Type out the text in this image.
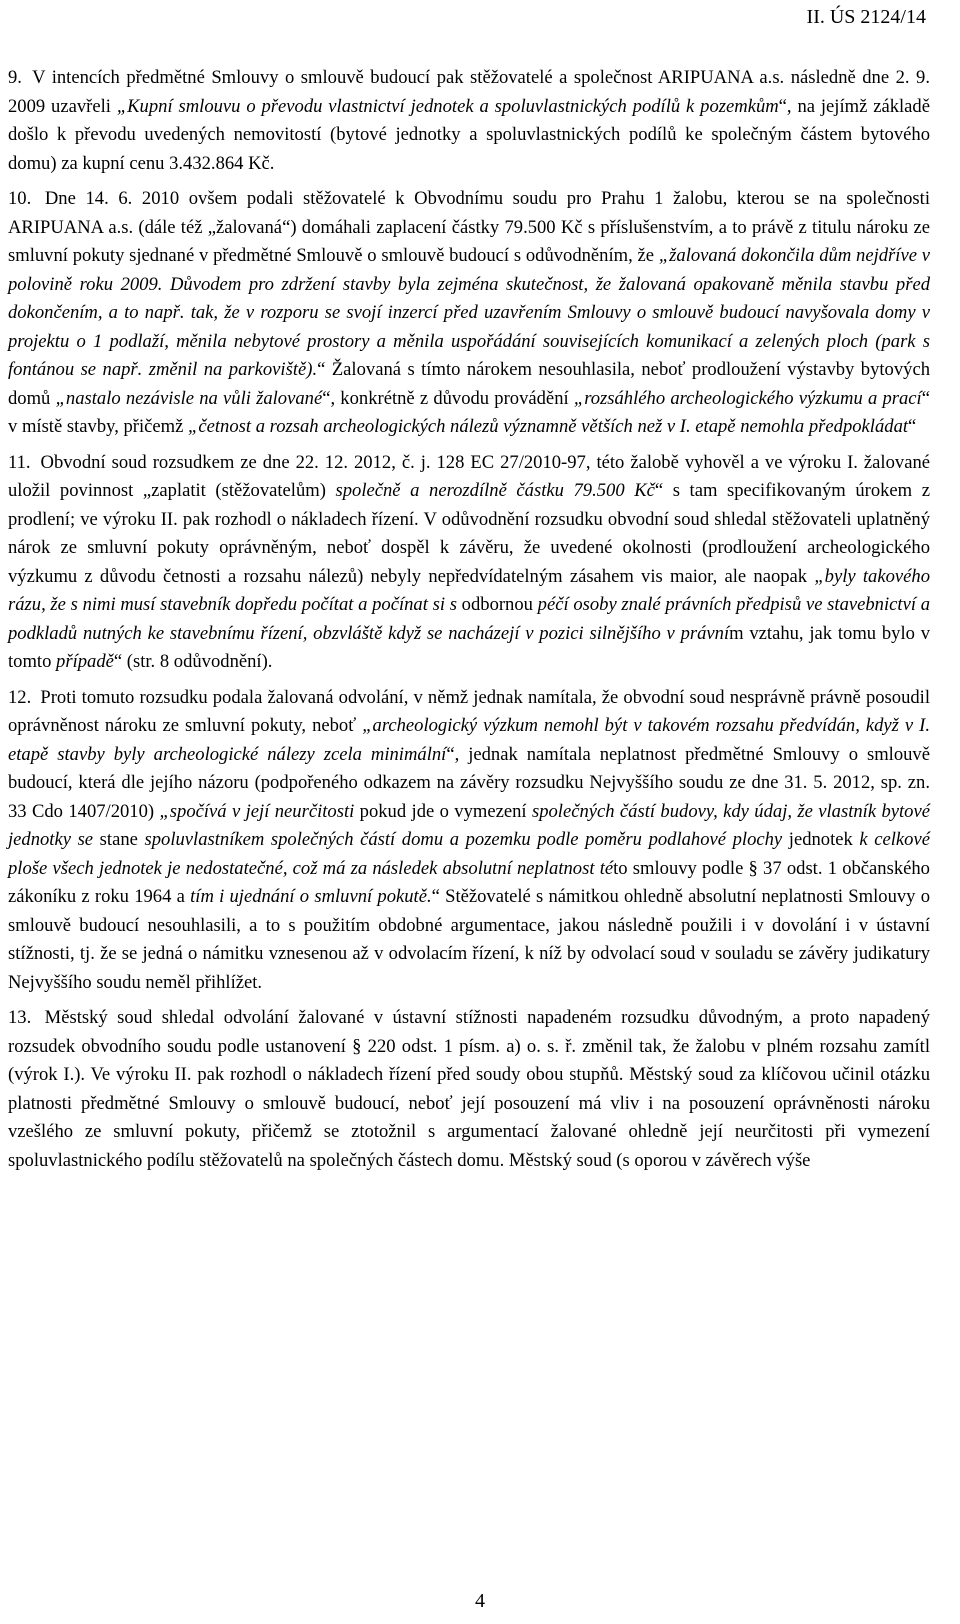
II. ÚS 2124/14

9. V intencích předmětné Smlouvy o smlouvě budoucí pak stěžovatelé a společnost ARIPUANA a.s. následně dne 2. 9. 2009 uzavřeli „Kupní smlouvu o převodu vlastnictví jednotek a spoluvlastnických podílů k pozemkům“, na jejímž základě došlo k převodu uvedených nemovitostí (bytové jednotky a spoluvlastnických podílů ke společným částem bytového domu) za kupní cenu 3.432.864 Kč.

10. Dne 14. 6. 2010 ovšem podali stěžovatelé k Obvodnímu soudu pro Prahu 1 žalobu, kterou se na společnosti ARIPUANA a.s. (dále též „žalovaná“) domáhali zaplacení částky 79.500 Kč s příslušenstvím, a to právě z titulu nároku ze smluvní pokuty sjednané v předmětné Smlouvě o smlouvě budoucí s odůvodněním, že „žalovaná dokončila dům nejdříve v polovině roku 2009. Důvodem pro zdržení stavby byla zejména skutečnost, že žalovaná opakovaně měnila stavbu před dokončením, a to např. tak, že v rozporu se svojí inzercí před uzavřením Smlouvy o smlouvě budoucí navyšovala domy v projektu o 1 podlaží, měnila nebytové prostory a měnila uspořádání souvisejících komunikací a zelených ploch (park s fontánou se např. změnil na parkoviště).“ Žalovaná s tímto nárokem nesouhlasila, neboť prodloužení výstavby bytových domů „nastalo nezávisle na vůli žalované“, konkrétně z důvodu provádění „rozsáhlého archeologického výzkumu a prací“ v místě stavby, přičemž „četnost a rozsah archeologických nálezů významně větších než v I. etapě nemohla předpokládat“

11. Obvodní soud rozsudkem ze dne 22. 12. 2012, č. j. 128 EC 27/2010-97, této žalobě vyhověl a ve výroku I. žalované uložil povinnost „zaplatit (stěžovatelům) společně a nerozdílně částku 79.500 Kč“ s tam specifikovaným úrokem z prodlení; ve výroku II. pak rozhodl o nákladech řízení. V odůvodnění rozsudku obvodní soud shledal stěžovateli uplatněný nárok ze smluvní pokuty oprávněným, neboť dospěl k závěru, že uvedené okolnosti (prodloužení archeologického výzkumu z důvodu četnosti a rozsahu nálezů) nebyly nepředvídatelným zásahem vis maior, ale naopak „byly takového rázu, že s nimi musí stavebník dopředu počítat a počínat si s odbornou péčí osoby znalé právních předpisů ve stavebnictví a podkladů nutných ke stavebnímu řízení, obzvláště když se nacházejí v pozici silnějšího v právním vztahu, jak tomu bylo v tomto případě“ (str. 8 odůvodnění).

12. Proti tomuto rozsudku podala žalovaná odvolání, v němž jednak namítala, že obvodní soud nesprávně právně posoudil oprávněnost nároku ze smluvní pokuty, neboť „archeologický výzkum nemohl být v takovém rozsahu předvídán, když v I. etapě stavby byly archeologické nálezy zcela minimální“, jednak namítala neplatnost předmětné Smlouvy o smlouvě budoucí, která dle jejího názoru (podpořeného odkazem na závěry rozsudku Nejvyššího soudu ze dne 31. 5. 2012, sp. zn. 33 Cdo 1407/2010) „spočívá v její neurčitosti pokud jde o vymezení společných částí budovy, kdy údaj, že vlastník bytové jednotky se stane spoluvlastníkem společných částí domu a pozemku podle poměru podlahové plochy jednotek k celkové ploše všech jednotek je nedostatečné, což má za následek absolutní neplatnost této smlouvy podle § 37 odst. 1 občanského zákoníku z roku 1964 a tím i ujednání o smluvní pokutě.“ Stěžovatelé s námitkou ohledně absolutní neplatnosti Smlouvy o smlouvě budoucí nesouhlasili, a to s použitím obdobné argumentace, jakou následně použili i v dovolání i v ústavní stížnosti, tj. že se jedná o námitku vznesenou až v odvolacím řízení, k níž by odvolací soud v souladu se závěry judikatury Nejvyššího soudu neměl přihlížet.

13. Městský soud shledal odvolání žalované v ústavní stížnosti napadeném rozsudku důvodným, a proto napadený rozsudek obvodního soudu podle ustanovení § 220 odst. 1 písm. a) o. s. ř. změnil tak, že žalobu v plném rozsahu zamítl (výrok I.). Ve výroku II. pak rozhodl o nákladech řízení před soudy obou stupňů. Městský soud za klíčovou učinil otázku platnosti předmětné Smlouvy o smlouvě budoucí, neboť její posouzení má vliv i na posouzení oprávněnosti nároku vzešlého ze smluvní pokuty, přičemž se ztotožnil s argumentací žalované ohledně její neurčitosti při vymezení spoluvlastnického podílu stěžovatelů na společných částech domu. Městský soud (s oporou v závěrech výše

4
